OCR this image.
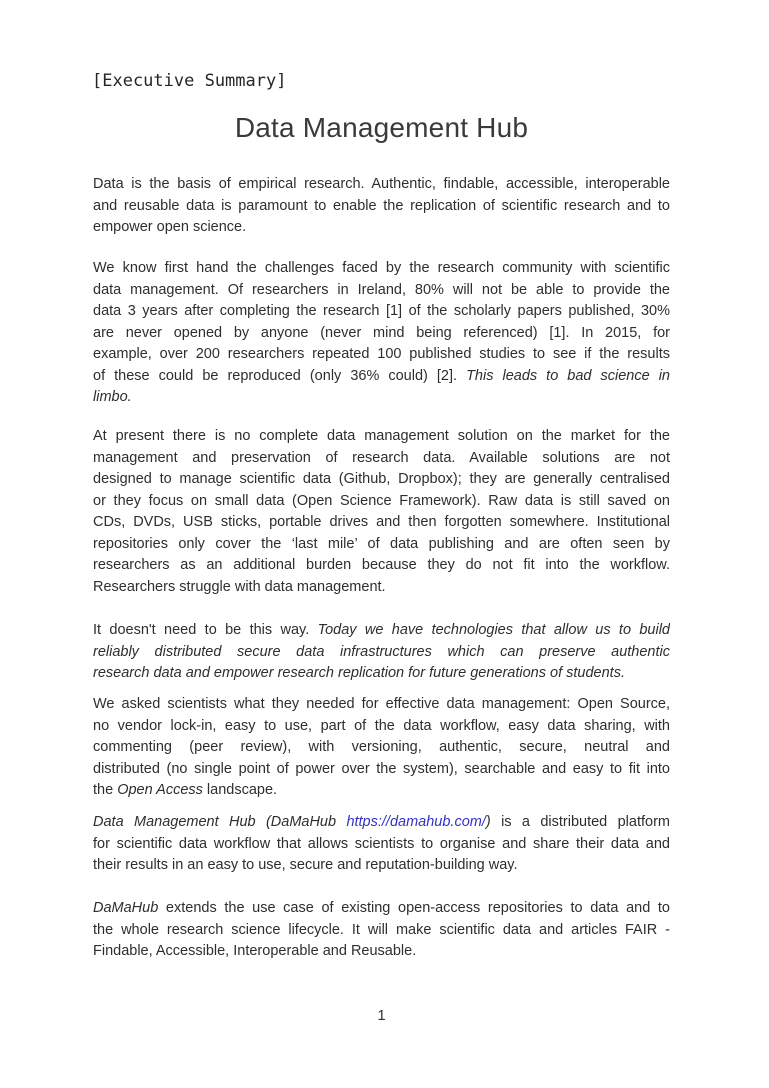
[Executive Summary]
Data Management Hub
Data is the basis of empirical research. Authentic, findable, accessible, interoperable
and reusable data is paramount to enable the replication of scientific research and to
empower open science.
We know first hand the challenges faced by the research community with scientific
data management. Of researchers in Ireland, 80% will not be able to provide the
data 3 years after completing the research [1] of the scholarly papers published, 30%
are never opened by anyone (never mind being referenced) [1]. In 2015, for
example, over 200 researchers repeated 100 published studies to see if the results
of these could be reproduced (only 36% could) [2]. This leads to bad science in
limbo.
At present there is no complete data management solution on the market for the
management and preservation of research data. Available solutions are not
designed to manage scientific data (Github, Dropbox); they are generally centralised
or they focus on small data (Open Science Framework). Raw data is still saved on
CDs, DVDs, USB sticks, portable drives and then forgotten somewhere. Institutional
repositories only cover the ‘last mile’ of data publishing and are often seen by
researchers as an additional burden because they do not fit into the workflow.
Researchers struggle with data management.
It doesn't need to be this way. Today we have technologies that allow us to build
reliably distributed secure data infrastructures which can preserve authentic
research data and empower research replication for future generations of students.
We asked scientists what they needed for effective data management: Open Source,
no vendor lock-in, easy to use, part of the data workflow, easy data sharing, with
commenting (peer review), with versioning, authentic, secure, neutral and
distributed (no single point of power over the system), searchable and easy to fit into
the Open Access landscape.
Data Management Hub (DaMaHub https://damahub.com/) is a distributed platform
for scientific data workflow that allows scientists to organise and share their data and
their results in an easy to use, secure and reputation-building way.
DaMaHub extends the use case of existing open-access repositories to data and to
the whole research science lifecycle. It will make scientific data and articles FAIR -
Findable, Accessible, Interoperable and Reusable.
1
